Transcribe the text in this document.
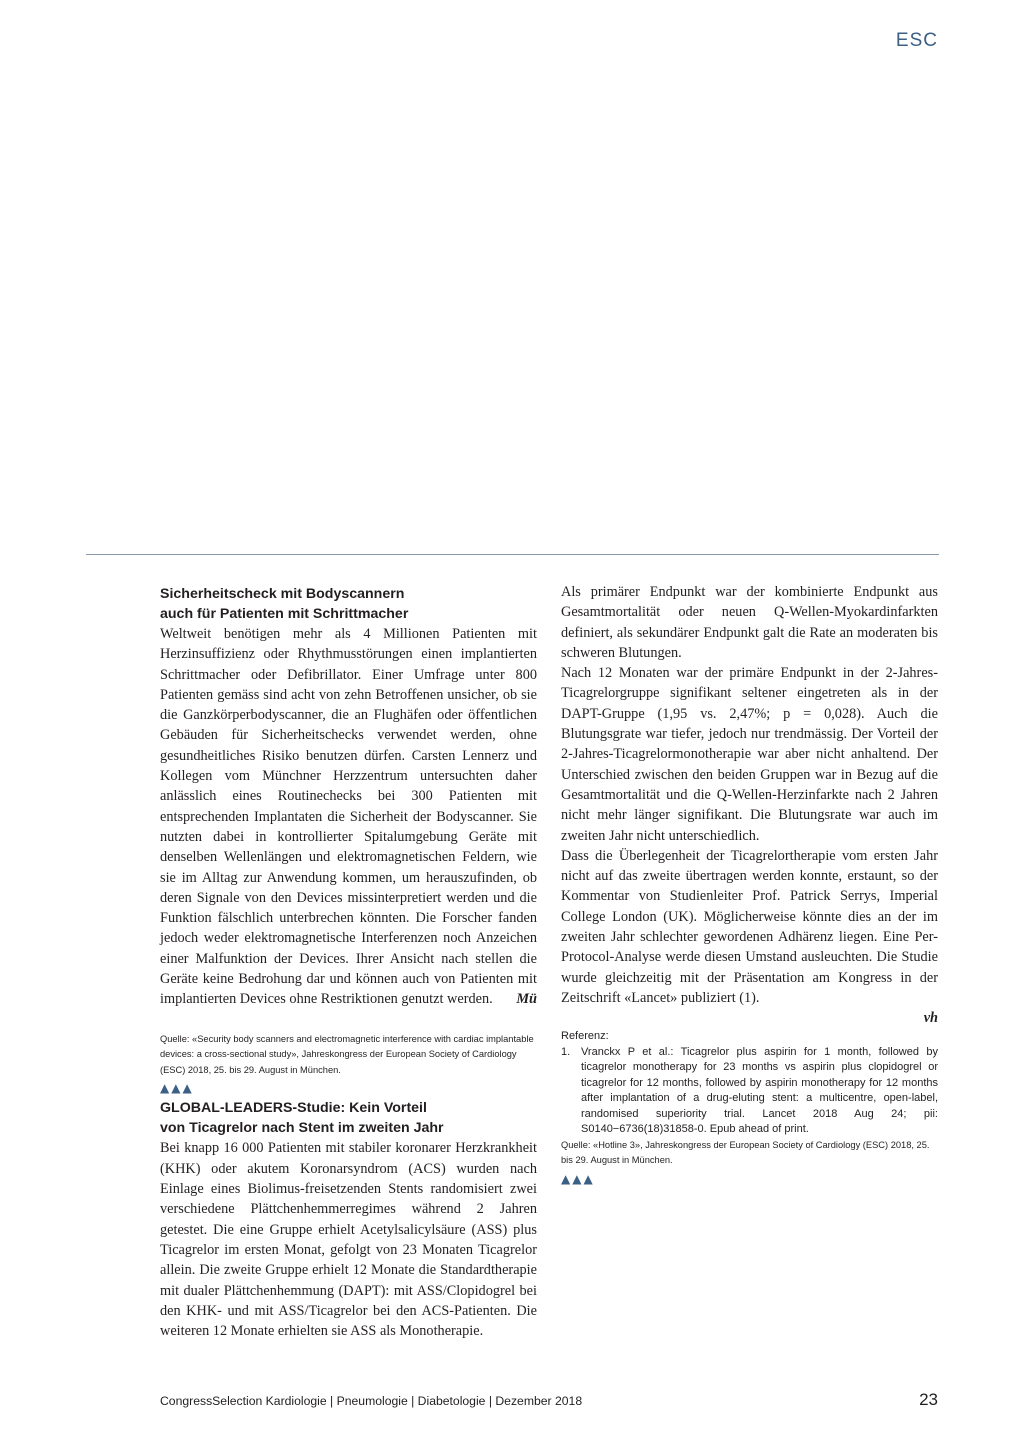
ESC
Sicherheitscheck mit Bodyscannern
auch für Patienten mit Schrittmacher

Weltweit benötigen mehr als 4 Millionen Patienten mit Herzinsuffizienz oder Rhythmusstörungen einen implantierten Schrittmacher oder Defibrillator. Einer Umfrage unter 800 Patienten gemäss sind acht von zehn Betroffenen unsicher, ob sie die Ganzkörperbodyscanner, die an Flughäfen oder öffentlichen Gebäuden für Sicherheitschecks verwendet werden, ohne gesundheitliches Risiko benutzen dürfen. Carsten Lennerz und Kollegen vom Münchner Herzzentrum untersuchten daher anlässlich eines Routinechecks bei 300 Patienten mit entsprechenden Implantaten die Sicherheit der Bodyscanner. Sie nutzten dabei in kontrollierter Spitalumgebung Geräte mit denselben Wellenlängen und elektromagnetischen Feldern, wie sie im Alltag zur Anwendung kommen, um herauszufinden, ob deren Signale von den Devices missinterpretiert werden und die Funktion fälschlich unterbrechen könnten. Die Forscher fanden jedoch weder elektromagnetische Interferenzen noch Anzeichen einer Malfunktion der Devices. Ihrer Ansicht nach stellen die Geräte keine Bedrohung dar und können auch von Patienten mit implantierten Devices ohne Restriktionen genutzt werden. Mü

Quelle: «Security body scanners and electromagnetic interference with cardiac implantable devices: a cross-sectional study», Jahreskongress der European Society of Cardiology (ESC) 2018, 25. bis 29. August in München.

▲▲▲

GLOBAL-LEADERS-Studie: Kein Vorteil
von Ticagrelor nach Stent im zweiten Jahr

Bei knapp 16 000 Patienten mit stabiler koronarer Herzkrankheit (KHK) oder akutem Koronarsyndrom (ACS) wurden nach Einlage eines Biolimus-freisetzenden Stents randomisiert zwei verschiedene Plättchenhemmerregimes während 2 Jahren getestet. Die eine Gruppe erhielt Acetylsalicylsäure (ASS) plus Ticagrelor im ersten Monat, gefolgt von 23 Monaten Ticagrelor allein. Die zweite Gruppe erhielt 12 Monate die Standardtherapie mit dualer Plättchenhemmung (DAPT): mit ASS/Clopidogrel bei den KHK- und mit ASS/Ticagrelor bei den ACS-Patienten. Die weiteren 12 Monate erhielten sie ASS als Monotherapie.

Als primärer Endpunkt war der kombinierte Endpunkt aus Gesamtmortalität oder neuen Q-Wellen-Myokardinfarkten definiert, als sekundärer Endpunkt galt die Rate an moderaten bis schweren Blutungen.

Nach 12 Monaten war der primäre Endpunkt in der 2-Jahres-Ticagrelorgruppe signifikant seltener eingetreten als in der DAPT-Gruppe (1,95 vs. 2,47%; p = 0,028). Auch die Blutungsgrate war tiefer, jedoch nur trendmässig. Der Vorteil der 2-Jahres-Ticagrelormonotherapie war aber nicht anhaltend. Der Unterschied zwischen den beiden Gruppen war in Bezug auf die Gesamtmortalität und die Q-Wellen-Herzinfarkte nach 2 Jahren nicht mehr länger signifikant. Die Blutungsrate war auch im zweiten Jahr nicht unterschiedlich.

Dass die Überlegenheit der Ticagrelortherapie vom ersten Jahr nicht auf das zweite übertragen werden konnte, erstaunt, so der Kommentar von Studienleiter Prof. Patrick Serrys, Imperial College London (UK). Möglicherweise könnte dies an der im zweiten Jahr schlechter gewordenen Adhärenz liegen. Eine Per-Protocol-Analyse werde diesen Umstand ausleuchten. Die Studie wurde gleichzeitig mit der Präsentation am Kongress in der Zeitschrift «Lancet» publiziert (1).

vh

Referenz:

1. Vranckx P et al.: Ticagrelor plus aspirin for 1 month, followed by ticagrelor monotherapy for 23 months vs aspirin plus clopidogrel or ticagrelor for 12 months, followed by aspirin monotherapy for 12 months after implantation of a drug-eluting stent: a multicentre, open-label, randomised superiority trial. Lancet 2018 Aug 24; pii: S0140−6736(18)31858-0. Epub ahead of print.

Quelle: «Hotline 3», Jahreskongress der European Society of Cardiology (ESC) 2018, 25. bis 29. August in München.

▲▲▲

CongressSelection Kardiologie | Pneumologie | Diabetologie | Dezember 2018	23
